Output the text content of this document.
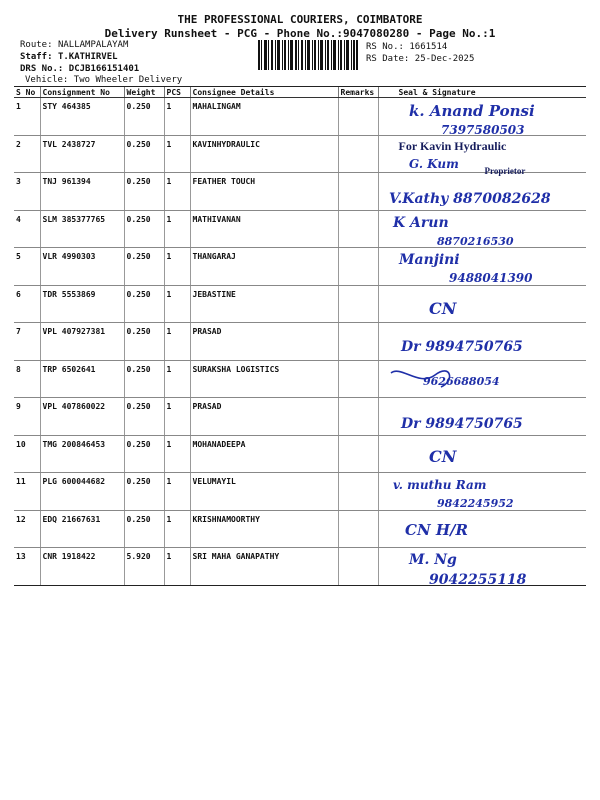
THE PROFESSIONAL COURIERS, COIMBATORE
Delivery Runsheet - PCG - Phone No.:9047080280 - Page No.:1
Route: NALLAMPALAYAM
Staff: T.KATHIRVEL
DRS No.: DCJB166151401
Vehicle: Two Wheeler Delivery
RS No.: 1661514
RS Date: 25-Dec-2025
S No	Consignment No	Weight	PCS	Consignee Details	Remarks	Seal & Signature
1	STY 464385	0.250	1	MAHALINGAM		k. Anand Ponsi
7397580503

2	TVL 2438727	0.250	1	KAVINHYDRAULIC		For Kavin Hydraulic
Proprietor
G. Kum

3	TNJ 961394	0.250	1	FEATHER TOUCH		V.Kathy 8870082628

4	SLM 385377765	0.250	1	MATHIVANAN		K Arun
8870216530

5	VLR 4990303	0.250	1	THANGARAJ		Manjini
9488041390

6	TDR 5553869	0.250	1	JEBASTINE		CN

7	VPL 407927381	0.250	1	PRASAD		Dr 9894750765

8	TRP 6502641	0.250	1	SURAKSHA LOGISTICS		9626688054

9	VPL 407860022	0.250	1	PRASAD		Dr 9894750765

10	TMG 200846453	0.250	1	MOHANADEEPA		CN

11	PLG 600044682	0.250	1	VELUMAYIL		v. muthu Ram
9842245952

12	EDQ 21667631	0.250	1	KRISHNAMOORTHY		CN H/R

13	CNR 1918422	5.920	1	SRI MAHA GANAPATHY		M. Ng
9042255118
